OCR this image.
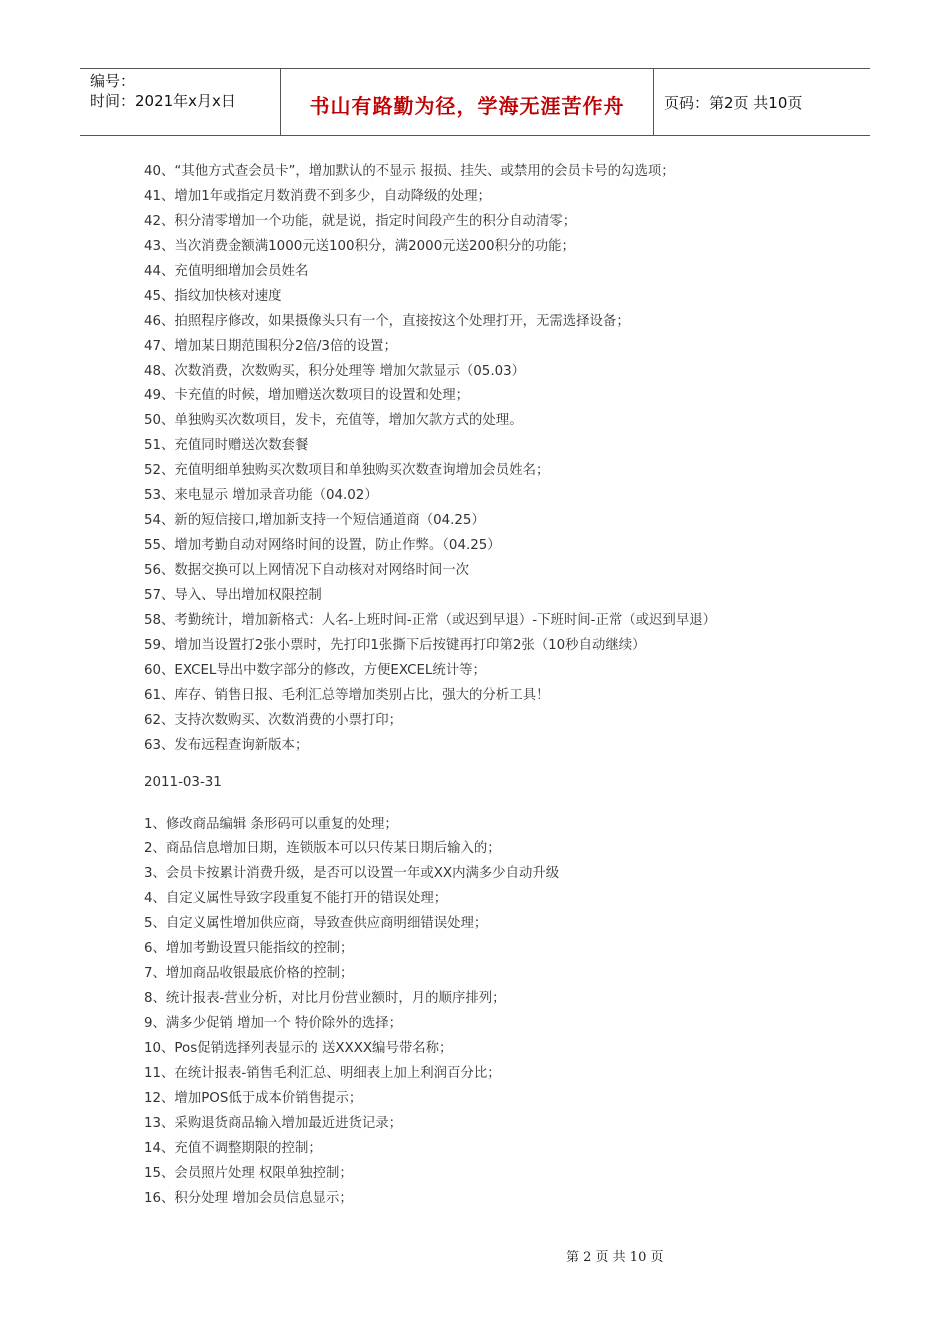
编号：
时间：2021年x月x日	书山有路勤为径，学海无涯苦作舟	页码：第2页 共10页
40、“其他方式查会员卡”，增加默认的不显示 报损、挂失、或禁用的会员卡号的勾选项；
41、增加1年或指定月数消费不到多少，自动降级的处理；
42、积分清零增加一个功能，就是说，指定时间段产生的积分自动清零；
43、当次消费金额满1000元送100积分，满2000元送200积分的功能；
44、充值明细增加会员姓名
45、指纹加快核对速度
46、拍照程序修改，如果摄像头只有一个，直接按这个处理打开，无需选择设备；
47、增加某日期范围积分2倍/3倍的设置；
48、次数消费，次数购买，积分处理等 增加欠款显示（05.03）
49、卡充值的时候，增加赠送次数项目的设置和处理；
50、单独购买次数项目，发卡，充值等，增加欠款方式的处理。
51、充值同时赠送次数套餐
52、充值明细单独购买次数项目和单独购买次数查询增加会员姓名；
53、来电显示 增加录音功能（04.02）
54、新的短信接口,增加新支持一个短信通道商（04.25）
55、增加考勤自动对网络时间的设置，防止作弊。（04.25）
56、数据交换可以上网情况下自动核对对网络时间一次
57、导入、导出增加权限控制
58、考勤统计，增加新格式：人名-上班时间-正常（或迟到早退）-下班时间-正常（或迟到早退）
59、增加当设置打2张小票时，先打印1张撕下后按键再打印第2张（10秒自动继续）
60、EXCEL导出中数字部分的修改，方便EXCEL统计等；
61、库存、销售日报、毛利汇总等增加类别占比，强大的分析工具！
62、支持次数购买、次数消费的小票打印；
63、发布远程查询新版本；
2011-03-31
1、修改商品编辑 条形码可以重复的处理；
2、商品信息增加日期，连锁版本可以只传某日期后输入的；
3、会员卡按累计消费升级，是否可以设置一年或XX内满多少自动升级
4、自定义属性导致字段重复不能打开的错误处理；
5、自定义属性增加供应商，导致查供应商明细错误处理；
6、增加考勤设置只能指纹的控制；
7、增加商品收银最底价格的控制；
8、统计报表-营业分析，对比月份营业额时，月的顺序排列；
9、满多少促销 增加一个 特价除外的选择；
10、Pos促销选择列表显示的 送XXXX编号带名称；
11、在统计报表-销售毛利汇总、明细表上加上利润百分比；
12、增加POS低于成本价销售提示；
13、采购退货商品输入增加最近进货记录；
14、充值不调整期限的控制；
15、会员照片处理 权限单独控制；
16、积分处理 增加会员信息显示；
第 2 页 共 10 页
